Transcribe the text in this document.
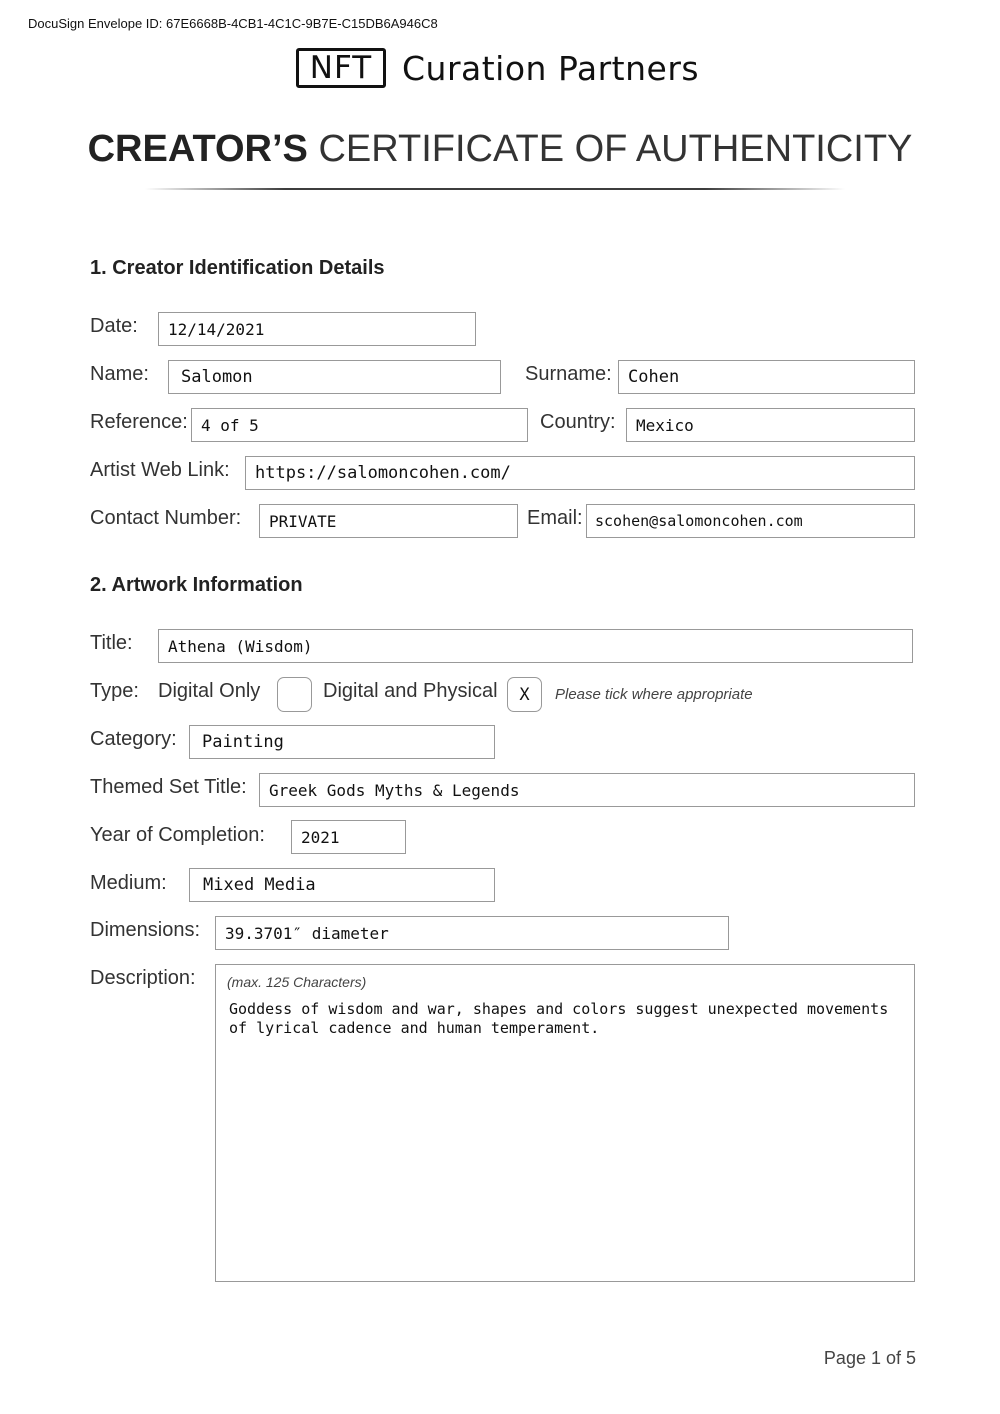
DocuSign Envelope ID: 67E6668B-4CB1-4C1C-9B7E-C15DB6A946C8
NFT Curation Partners
CREATOR’S CERTIFICATE OF AUTHENTICITY
1. Creator Identification Details
Date:	12/14/2021
Name:	Salomon	Surname: Cohen
Reference: 4 of 5	Country:	Mexico
Artist Web Link:	https://salomoncohen.com/
Contact Number:	PRIVATE	Email: scohen@salomoncohen.com
2. Artwork Information
Title:	Athena (Wisdom)
Type: Digital Only	Digital and Physical	X	Please tick where appropriate
Category:	Painting
Themed Set Title:	Greek Gods Myths & Legends
Year of Completion:	2021
Medium:	Mixed Media
Dimensions:	39.3701″ diameter
Description: (max. 125 Characters)
Goddess of wisdom and war, shapes and colors suggest unexpected movements of lyrical cadence and human temperament.
Page 1 of 5
